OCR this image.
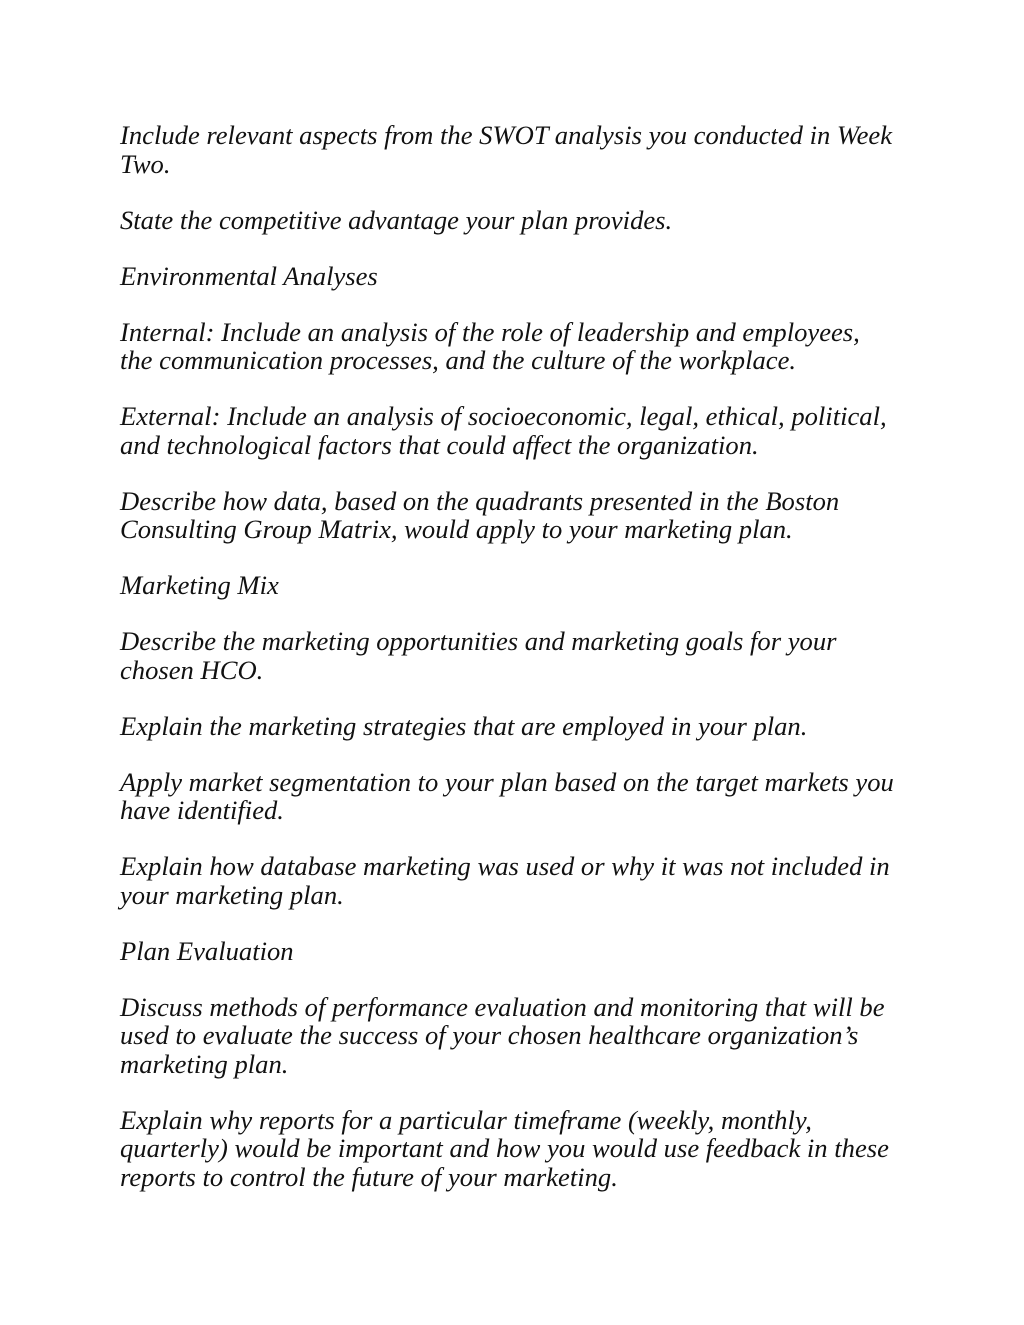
Include relevant aspects from the SWOT analysis you conducted in Week
Two.

State the competitive advantage your plan provides.

Environmental Analyses

Internal: Include an analysis of the role of leadership and employees,
the communication processes, and the culture of the workplace.

External: Include an analysis of socioeconomic, legal, ethical, political,
and technological factors that could affect the organization.

Describe how data, based on the quadrants presented in the Boston
Consulting Group Matrix, would apply to your marketing plan.

Marketing Mix

Describe the marketing opportunities and marketing goals for your
chosen HCO.

Explain the marketing strategies that are employed in your plan.

Apply market segmentation to your plan based on the target markets you
have identified.

Explain how database marketing was used or why it was not included in
your marketing plan.

Plan Evaluation

Discuss methods of performance evaluation and monitoring that will be
used to evaluate the success of your chosen healthcare organization’s
marketing plan.

Explain why reports for a particular timeframe (weekly, monthly,
quarterly) would be important and how you would use feedback in these
reports to control the future of your marketing.
